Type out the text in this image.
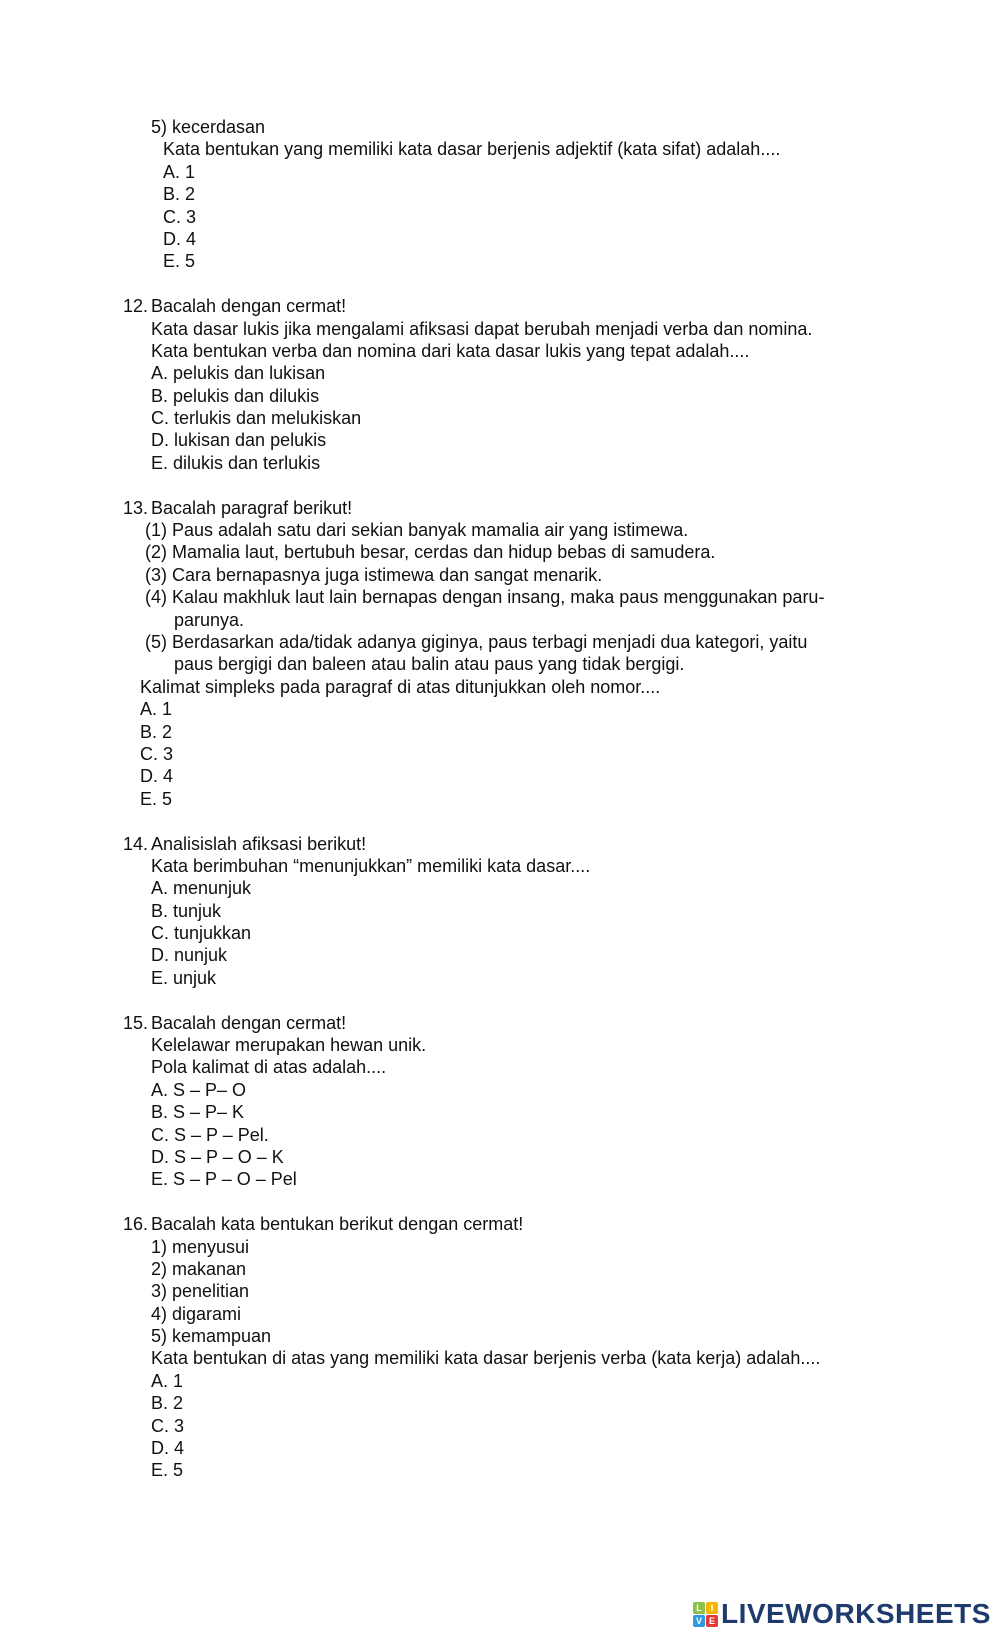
5) kecerdasan
Kata bentukan yang memiliki kata dasar berjenis adjektif (kata sifat) adalah....
A. 1
B. 2
C. 3
D. 4
E. 5
12. Bacalah dengan cermat!
Kata dasar lukis jika mengalami afiksasi dapat berubah menjadi verba dan nomina.
Kata bentukan verba dan nomina dari kata dasar lukis yang tepat adalah....
A. pelukis dan lukisan
B. pelukis dan dilukis
C. terlukis dan melukiskan
D. lukisan dan pelukis
E. dilukis dan terlukis
13. Bacalah paragraf berikut!
(1) Paus adalah satu dari sekian banyak mamalia air yang istimewa.
(2) Mamalia laut, bertubuh besar, cerdas dan hidup bebas di samudera.
(3) Cara bernapasnya juga istimewa dan sangat menarik.
(4) Kalau makhluk laut lain bernapas dengan insang, maka paus menggunakan paru-
parunya.
(5) Berdasarkan ada/tidak adanya giginya, paus terbagi menjadi dua kategori, yaitu
paus bergigi dan baleen atau balin atau paus yang tidak bergigi.
Kalimat simpleks pada paragraf di atas ditunjukkan oleh nomor....
A. 1
B. 2
C. 3
D. 4
E. 5
14. Analisislah afiksasi berikut!
Kata berimbuhan “menunjukkan” memiliki kata dasar....
A. menunjuk
B. tunjuk
C. tunjukkan
D. nunjuk
E. unjuk
15. Bacalah dengan cermat!
Kelelawar merupakan hewan unik.
Pola kalimat di atas adalah....
A. S – P– O
B. S – P– K
C. S – P – Pel.
D. S – P – O – K
E. S – P – O – Pel
16. Bacalah kata bentukan berikut dengan cermat!
1) menyusui
2) makanan
3) penelitian
4) digarami
5) kemampuan
Kata bentukan di atas yang memiliki kata dasar berjenis verba (kata kerja) adalah....
A. 1
B. 2
C. 3
D. 4
E. 5
L I
V E LIVEWORKSHEETS
